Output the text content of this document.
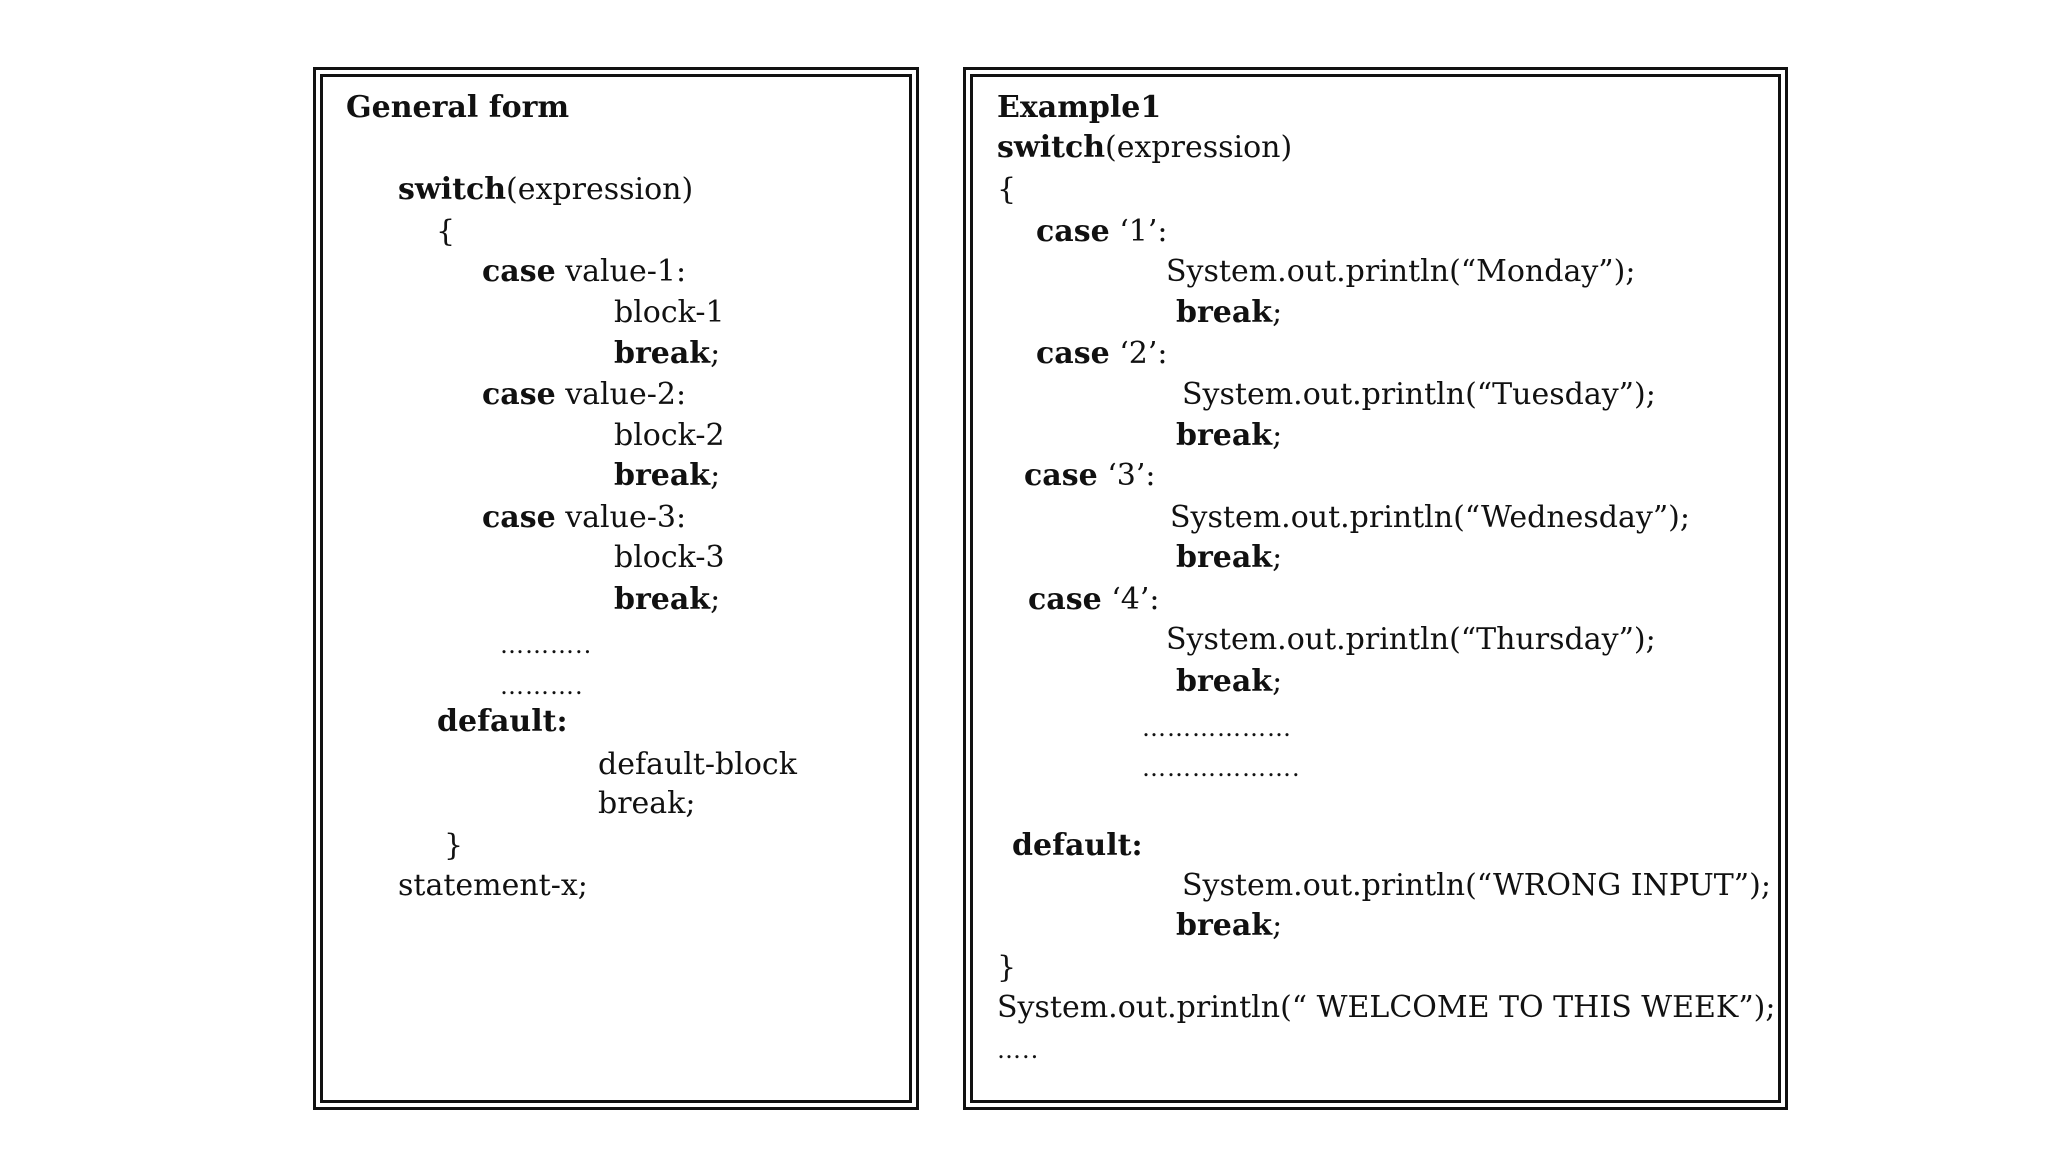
General form
switch(expression)
{
case value-1:
block-1
break;
case value-2:
block-2
break;
case value-3:
block-3
break;
………..
……….
default:
default-block
break;
}
statement-x;
Example1
switch(expression)
{
case ‘1’:
System.out.println(“Monday”);
break;
case ‘2’:
System.out.println(“Tuesday”);
break;
case ‘3’:
System.out.println(“Wednesday”);
break;
case ‘4’:
System.out.println(“Thursday”);
break;
………………
……………….
default:
System.out.println(“WRONG INPUT”);
break;
}
System.out.println(“ WELCOME TO THIS WEEK”);
…..
